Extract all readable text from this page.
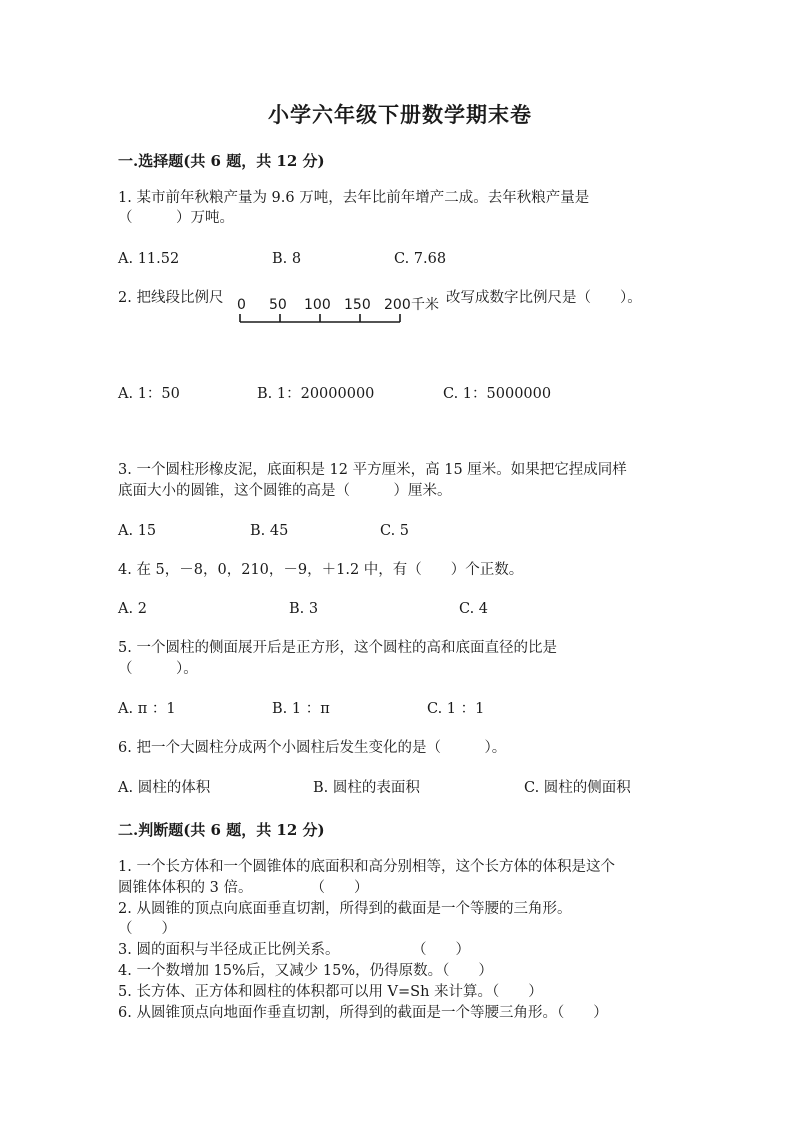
小学六年级下册数学期末卷
一.选择题(共 6 题，共 12 分)
1. 某市前年秋粮产量为 9.6 万吨，去年比前年增产二成。去年秋粮产量是
（　　　）万吨。
A. 11.52	B. 8	C. 7.68
2. 把线段比例尺 0 50 100 150 200 千米 改写成数字比例尺是（　　）。
A. 1：50	B. 1：20000000	C. 1：5000000
3. 一个圆柱形橡皮泥，底面积是 12 平方厘米，高 15 厘米。如果把它捏成同样
底面大小的圆锥，这个圆锥的高是（　　　）厘米。
A. 15	B. 45	C. 5
4. 在 5，－8，0，210，－9，＋1.2 中，有（　　）个正数。
A. 2	B. 3	C. 4
5. 一个圆柱的侧面展开后是正方形，这个圆柱的高和底面直径的比是
（　　　）。
A. π ：1	B. 1 ：π	C. 1 ：1
6. 把一个大圆柱分成两个小圆柱后发生变化的是（　　　）。
A. 圆柱的体积	B. 圆柱的表面积	C. 圆柱的侧面积
二.判断题(共 6 题，共 12 分)
1. 一个长方体和一个圆锥体的底面积和高分别相等，这个长方体的体积是这个
圆锥体体积的 3 倍。　　　　　（　　）
2. 从圆锥的顶点向底面垂直切割，所得到的截面是一个等腰的三角形。
（　　）
3. 圆的面积与半径成正比例关系。　　　　　　（　　）
4. 一个数增加 15%后，又减少 15%，仍得原数。（　　）
5. 长方体、正方体和圆柱的体积都可以用 V=Sh 来计算。（　　）
6. 从圆锥顶点向地面作垂直切割，所得到的截面是一个等腰三角形。（　　）
